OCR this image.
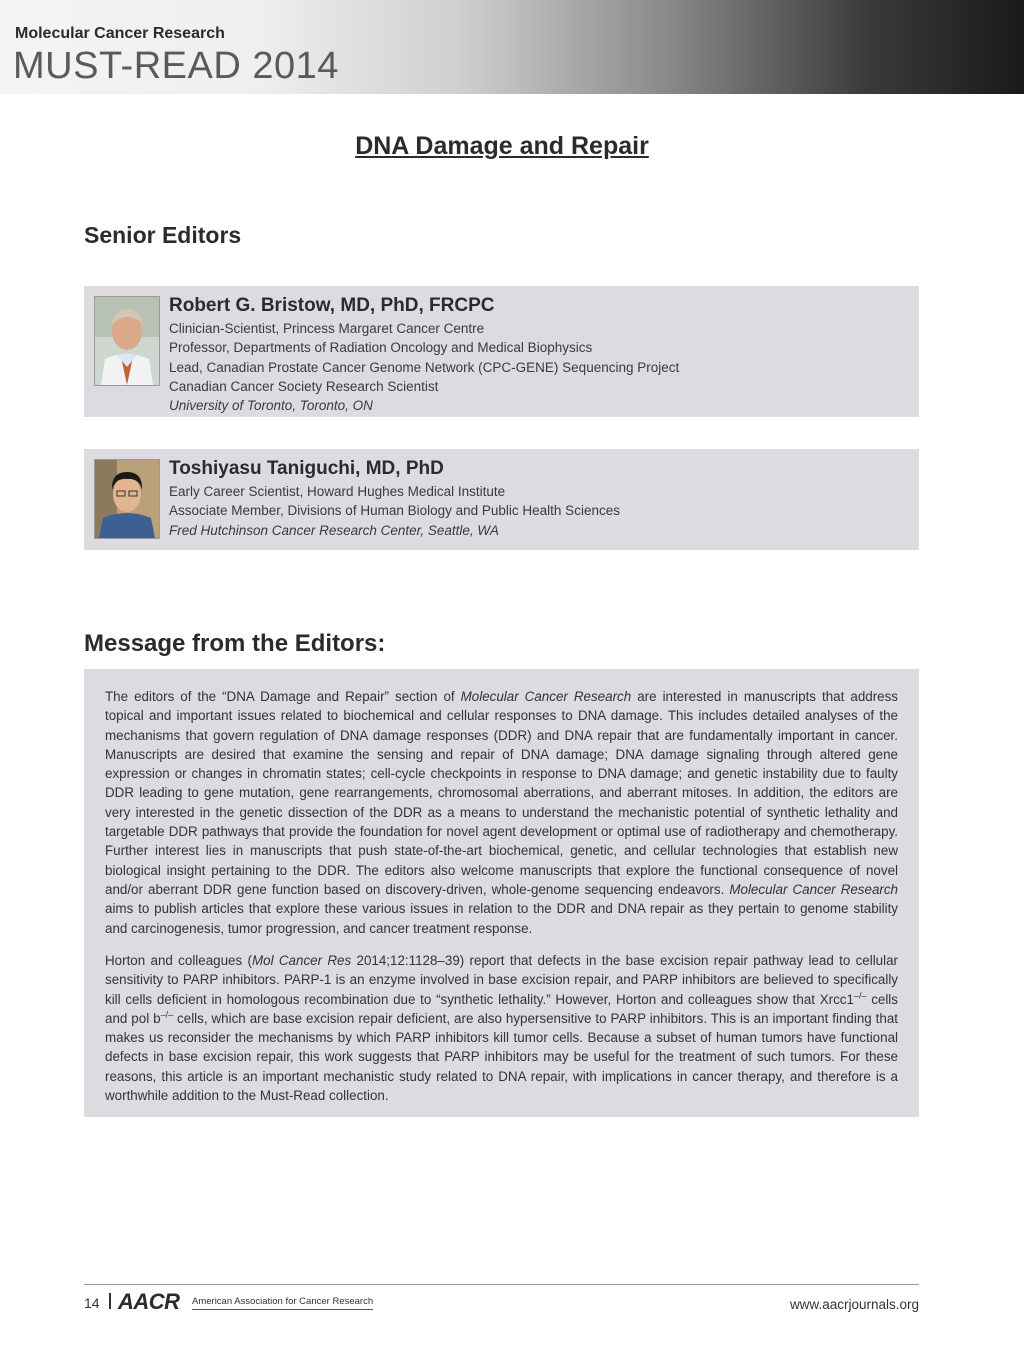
Molecular Cancer Research
MUST-READ 2014
DNA Damage and Repair
Senior Editors
Robert G. Bristow, MD, PhD, FRCPC
Clinician-Scientist, Princess Margaret Cancer Centre
Professor, Departments of Radiation Oncology and Medical Biophysics
Lead, Canadian Prostate Cancer Genome Network (CPC-GENE) Sequencing Project
Canadian Cancer Society Research Scientist
University of Toronto, Toronto, ON
Toshiyasu Taniguchi, MD, PhD
Early Career Scientist, Howard Hughes Medical Institute
Associate Member, Divisions of Human Biology and Public Health Sciences
Fred Hutchinson Cancer Research Center, Seattle, WA
Message from the Editors:
The editors of the “DNA Damage and Repair” section of Molecular Cancer Research are interested in manuscripts that address topical and important issues related to biochemical and cellular responses to DNA damage. This includes detailed analyses of the mechanisms that govern regulation of DNA damage responses (DDR) and DNA repair that are fundamentally important in cancer. Manuscripts are desired that examine the sensing and repair of DNA damage; DNA damage signaling through altered gene expression or changes in chromatin states; cell-cycle checkpoints in response to DNA damage; and genetic instability due to faulty DDR leading to gene mutation, gene rearrangements, chromosomal aberrations, and aberrant mitoses. In addition, the editors are very interested in the genetic dissection of the DDR as a means to understand the mechanistic potential of synthetic lethality and targetable DDR pathways that provide the foundation for novel agent development or optimal use of radiotherapy and chemotherapy. Further interest lies in manuscripts that push state-of-the-art biochemical, genetic, and cellular technologies that establish new biological insight pertaining to the DDR. The editors also welcome manuscripts that explore the functional consequence of novel and/or aberrant DDR gene function based on discovery-driven, whole-genome sequencing endeavors. Molecular Cancer Research aims to publish articles that explore these various issues in relation to the DDR and DNA repair as they pertain to genome stability and carcinogenesis, tumor progression, and cancer treatment response.
Horton and colleagues (Mol Cancer Res 2014;12:1128–39) report that defects in the base excision repair pathway lead to cellular sensitivity to PARP inhibitors. PARP-1 is an enzyme involved in base excision repair, and PARP inhibitors are believed to specifically kill cells deficient in homologous recombination due to “synthetic lethality.” However, Horton and colleagues show that Xrcc1–/– cells and pol b–/– cells, which are base excision repair deficient, are also hypersensitive to PARP inhibitors. This is an important finding that makes us reconsider the mechanisms by which PARP inhibitors kill tumor cells. Because a subset of human tumors have functional defects in base excision repair, this work suggests that PARP inhibitors may be useful for the treatment of such tumors. For these reasons, this article is an important mechanistic study related to DNA repair, with implications in cancer therapy, and therefore is a worthwhile addition to the Must-Read collection.
14 AACR American Association for Cancer Research	www.aacrjournals.org
